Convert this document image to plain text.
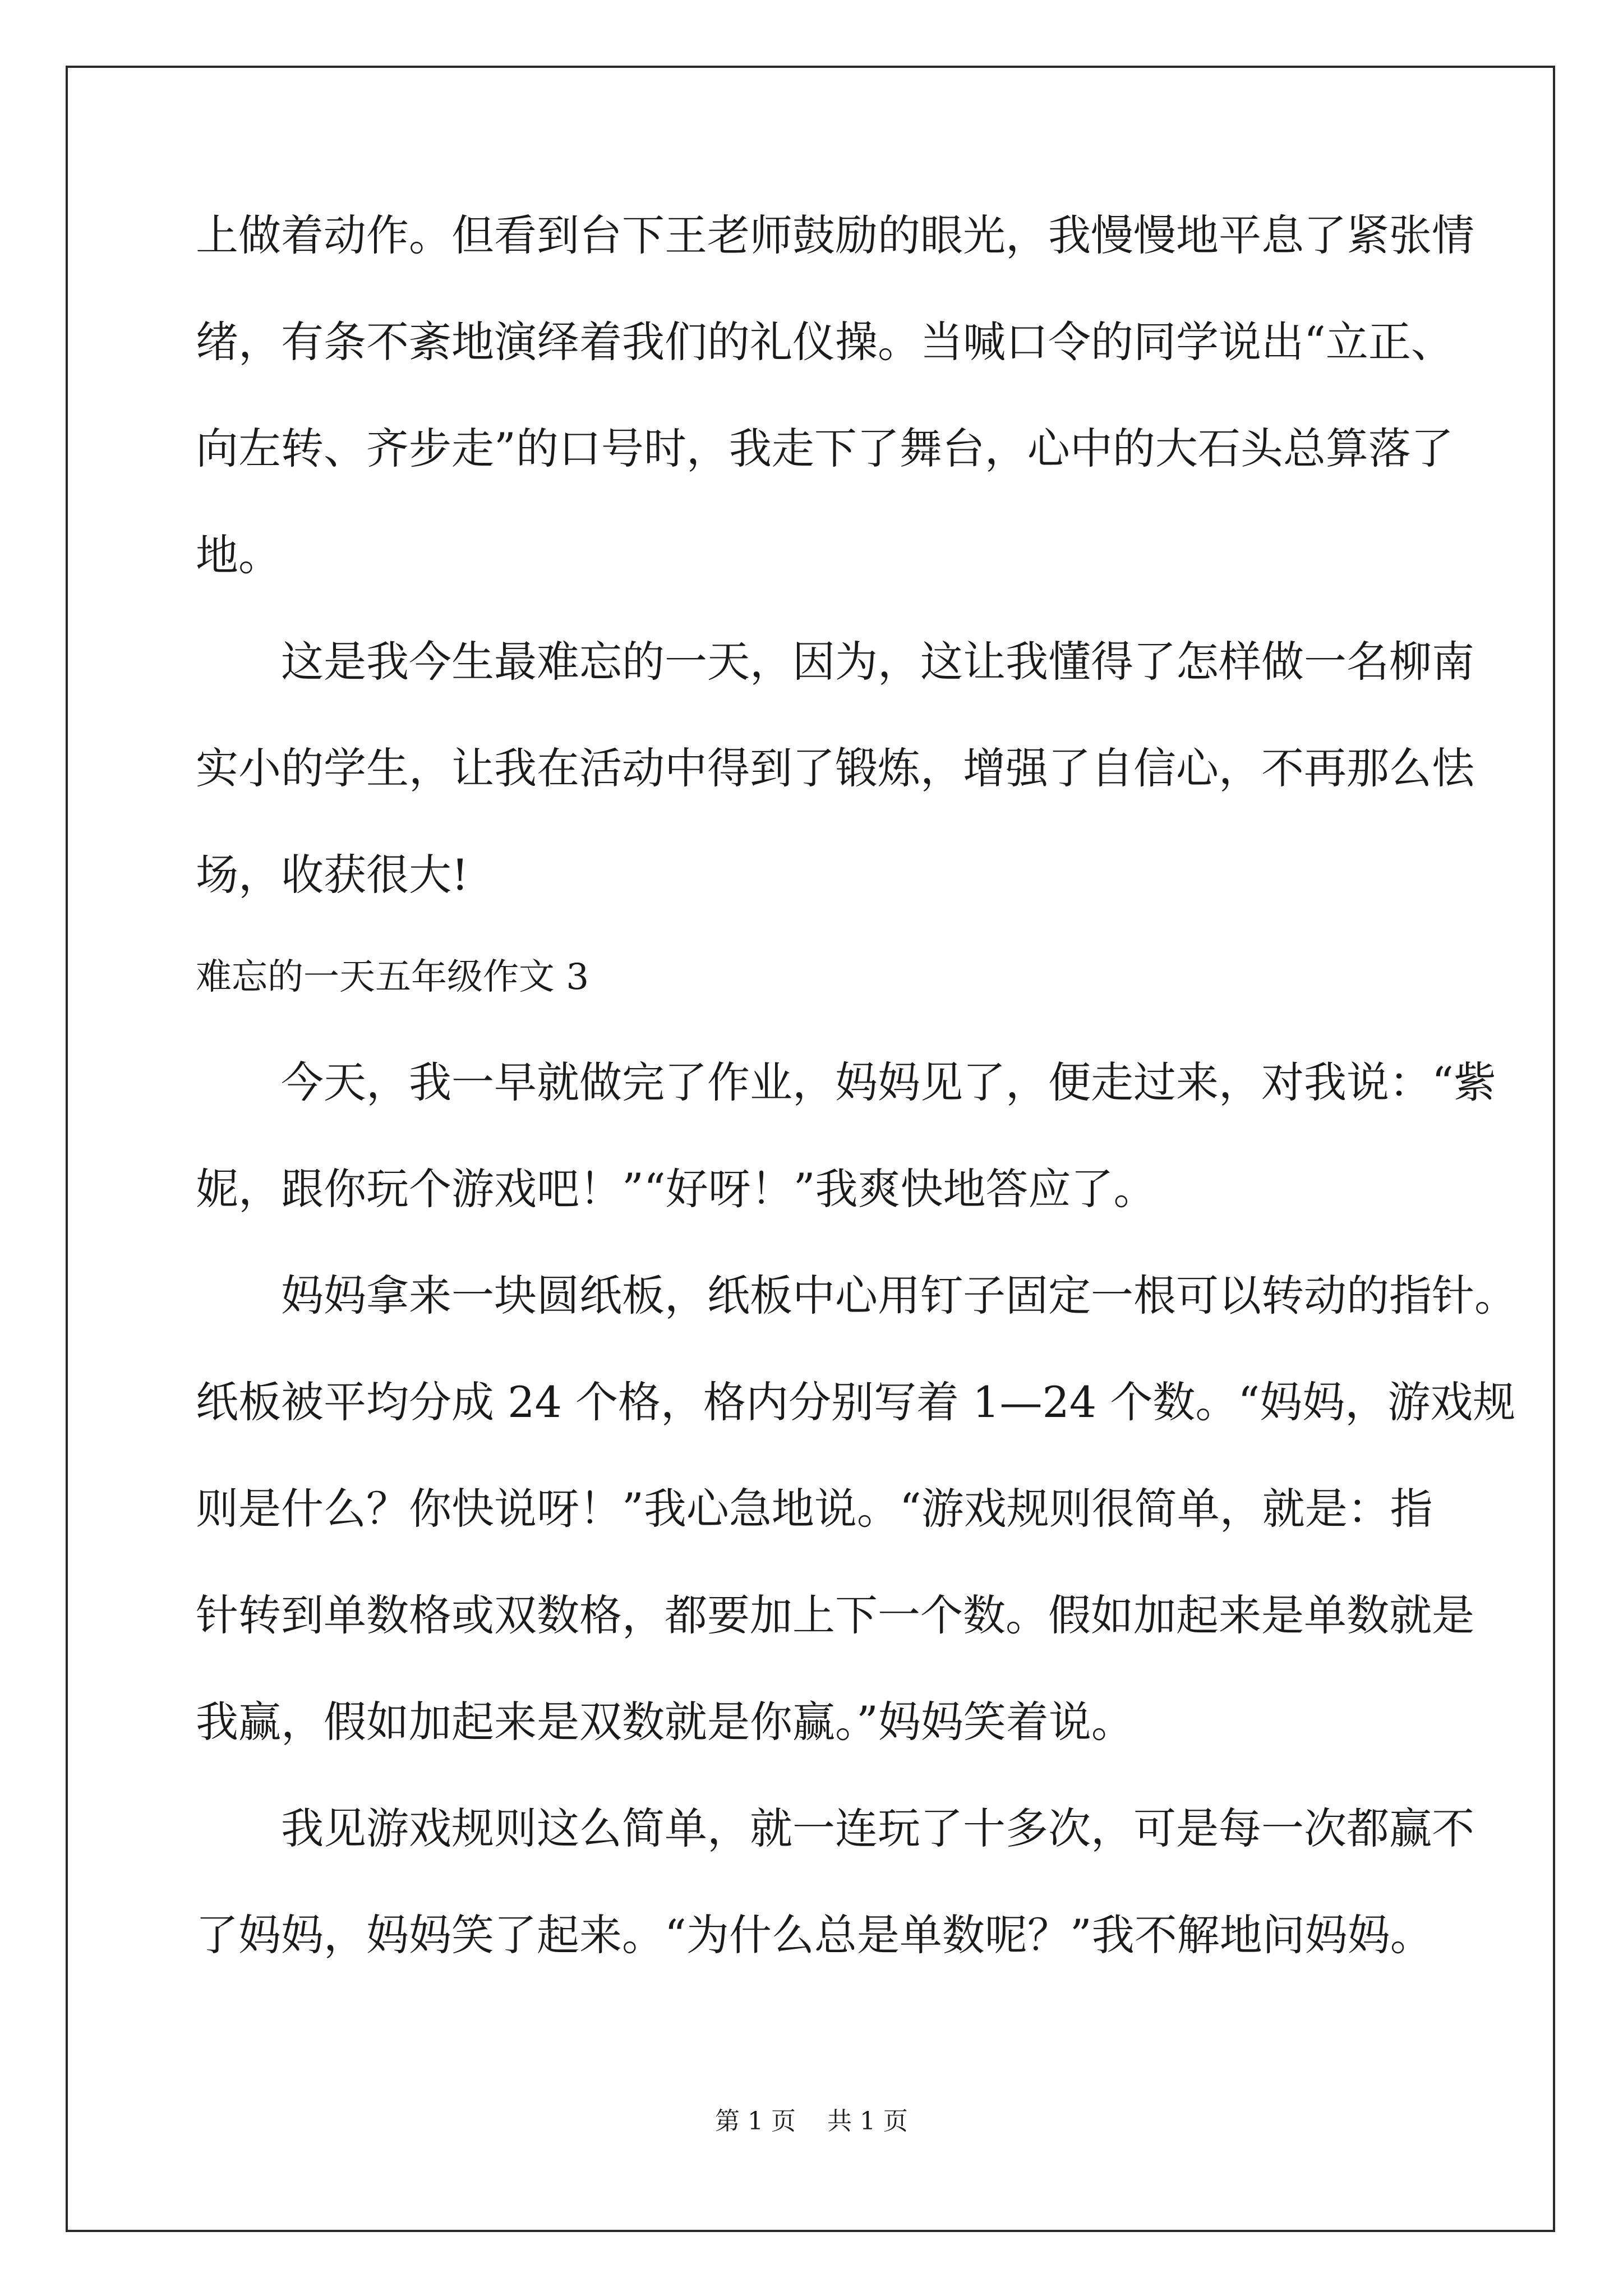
上做着动作。但看到台下王老师鼓励的眼光，我慢慢地平息了紧张情
绪，有条不紊地演绎着我们的礼仪操。当喊口令的同学说出“立正、
向左转、齐步走”的口号时，我走下了舞台，心中的大石头总算落了
地。
这是我今生最难忘的一天，因为，这让我懂得了怎样做一名柳南
实小的学生，让我在活动中得到了锻炼，增强了自信心，不再那么怯
场，收获很大!
难忘的一天五年级作文 3
今天，我一早就做完了作业，妈妈见了，便走过来，对我说：“紫
妮，跟你玩个游戏吧！”“好呀！”我爽快地答应了。
妈妈拿来一块圆纸板，纸板中心用钉子固定一根可以转动的指针。
纸板被平均分成 24 个格，格内分别写着 1—24 个数。“妈妈，游戏规
则是什么？你快说呀！”我心急地说。“游戏规则很简单，就是：指
针转到单数格或双数格，都要加上下一个数。假如加起来是单数就是
我赢，假如加起来是双数就是你赢。”妈妈笑着说。
我见游戏规则这么简单，就一连玩了十多次，可是每一次都赢不
了妈妈，妈妈笑了起来。“为什么总是单数呢？”我不解地问妈妈。
第 1 页 共 1 页
